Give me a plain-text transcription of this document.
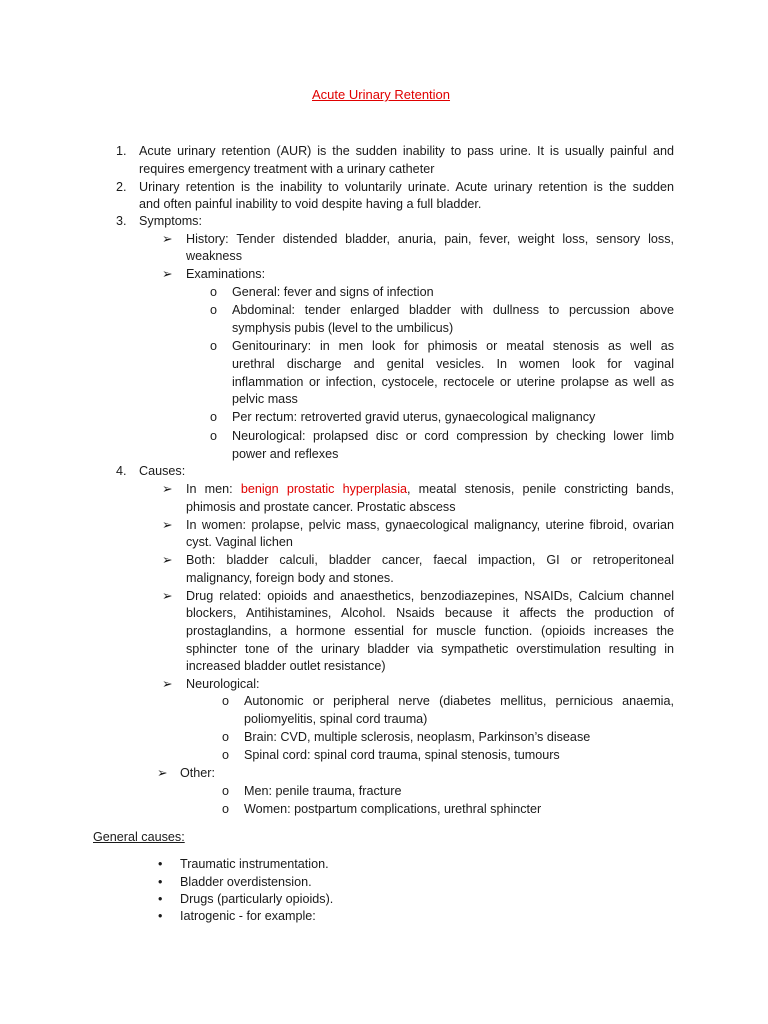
Acute Urinary Retention
1. Acute urinary retention (AUR) is the sudden inability to pass urine. It is usually painful and
requires emergency treatment with a urinary catheter
2. Urinary retention is the inability to voluntarily urinate. Acute urinary retention is the sudden
and often painful inability to void despite having a full bladder.
3. Symptoms:
➢ History: Tender distended bladder, anuria, pain, fever, weight loss, sensory loss,
weakness
➢ Examinations:
o General: fever and signs of infection
o Abdominal: tender enlarged bladder with dullness to percussion above
symphysis pubis (level to the umbilicus)
o Genitourinary: in men look for phimosis or meatal stenosis as well as
urethral discharge and genital vesicles. In women look for vaginal
inflammation or infection, cystocele, rectocele or uterine prolapse as well as
pelvic mass
o Per rectum: retroverted gravid uterus, gynaecological malignancy
o Neurological: prolapsed disc or cord compression by checking lower limb
power and reflexes
4. Causes:
➢ In men: benign prostatic hyperplasia, meatal stenosis, penile constricting bands,
phimosis and prostate cancer. Prostatic abscess
➢ In women: prolapse, pelvic mass, gynaecological malignancy, uterine fibroid, ovarian
cyst. Vaginal lichen
➢ Both: bladder calculi, bladder cancer, faecal impaction, GI or retroperitoneal
malignancy, foreign body and stones.
➢ Drug related: opioids and anaesthetics, benzodiazepines, NSAIDs, Calcium channel
blockers, Antihistamines, Alcohol. Nsaids because it affects the production of
prostaglandins, a hormone essential for muscle function. (opioids increases the
sphincter tone of the urinary bladder via sympathetic overstimulation resulting in
increased bladder outlet resistance)
➢ Neurological:
o Autonomic or peripheral nerve (diabetes mellitus, pernicious anaemia,
poliomyelitis, spinal cord trauma)
o Brain: CVD, multiple sclerosis, neoplasm, Parkinson’s disease
o Spinal cord: spinal cord trauma, spinal stenosis, tumours
➢ Other:
o Men: penile trauma, fracture
o Women: postpartum complications, urethral sphincter
General causes:
• Traumatic instrumentation.
• Bladder overdistension.
• Drugs (particularly opioids).
• Iatrogenic - for example:
